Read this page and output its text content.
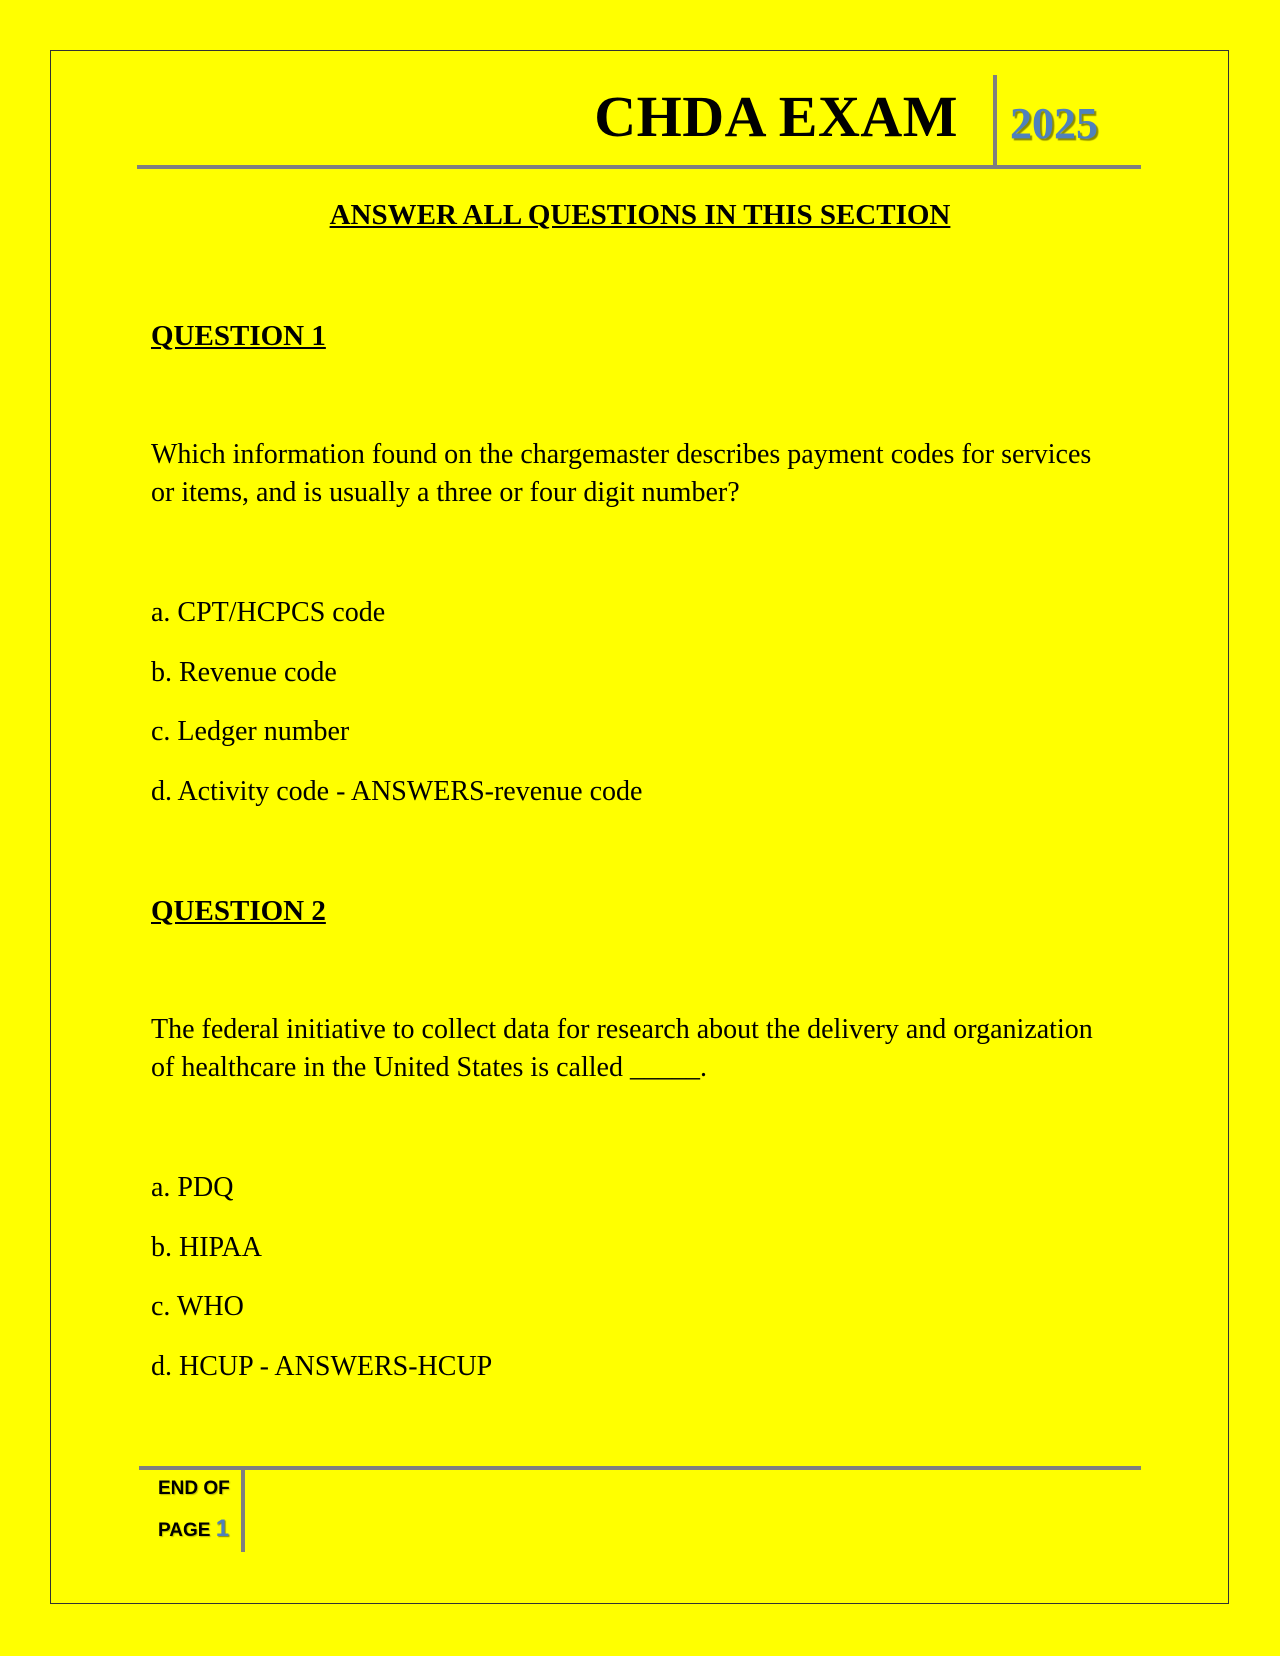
CHDA EXAM 2025
ANSWER ALL QUESTIONS IN THIS SECTION
QUESTION 1
Which information found on the chargemaster describes payment codes for services or items, and is usually a three or four digit number?
a. CPT/HCPCS code
b. Revenue code
c. Ledger number
d. Activity code - ANSWERS-revenue code
QUESTION 2
The federal initiative to collect data for research about the delivery and organization of healthcare in the United States is called _____.
a. PDQ
b. HIPAA
c. WHO
d. HCUP - ANSWERS-HCUP
END OF
PAGE 1
